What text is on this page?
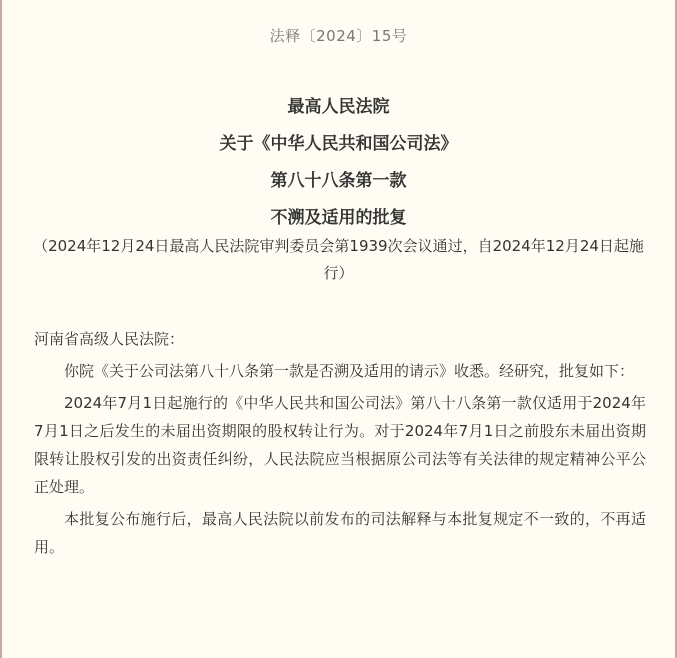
法释〔2024〕15号
最高人民法院
关于《中华人民共和国公司法》
第八十八条第一款
不溯及适用的批复
（2024年12月24日最高人民法院审判委员会第1939次会议通过，自2024年12月24日起施行）

河南省高级人民法院：

你院《关于公司法第八十八条第一款是否溯及适用的请示》收悉。经研究，批复如下：

2024年7月1日起施行的《中华人民共和国公司法》第八十八条第一款仅适用于2024年7月1日之后发生的未届出资期限的股权转让行为。对于2024年7月1日之前股东未届出资期限转让股权引发的出资责任纠纷，人民法院应当根据原公司法等有关法律的规定精神公平公正处理。

本批复公布施行后，最高人民法院以前发布的司法解释与本批复规定不一致的，不再适用。
